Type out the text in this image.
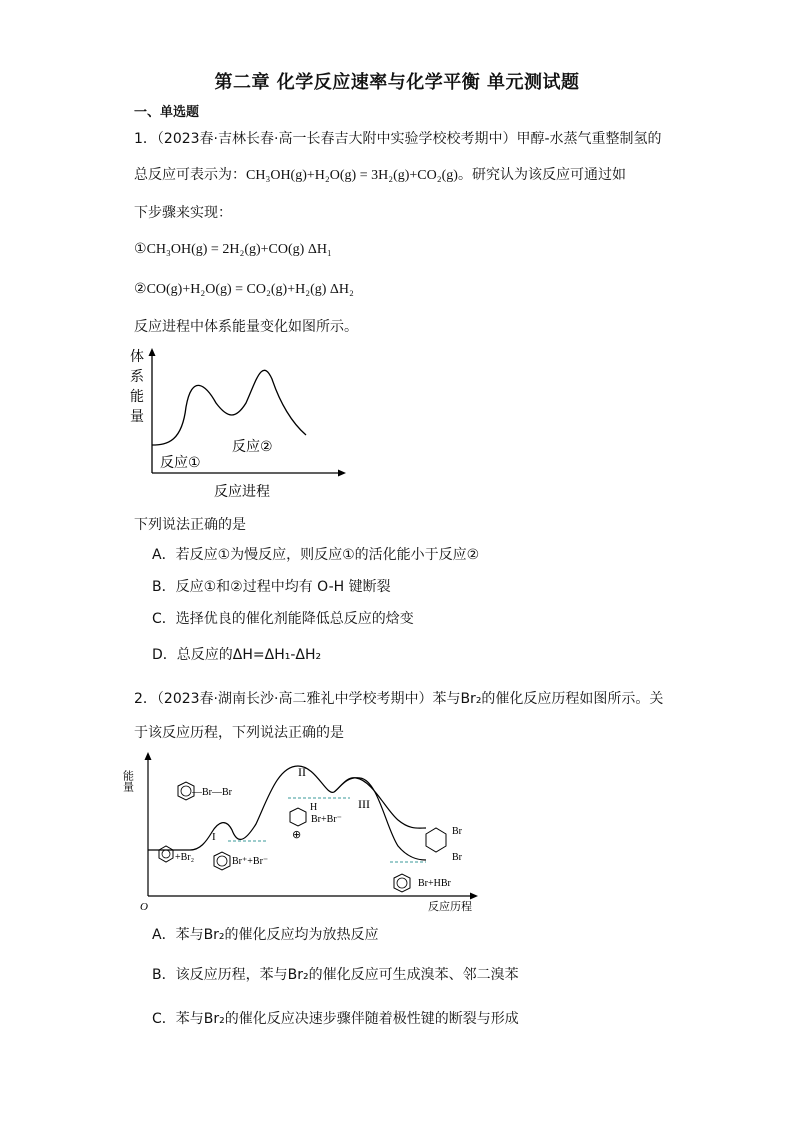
第二章 化学反应速率与化学平衡 单元测试题
一、单选题
1．（2023春·吉林长春·高一长春吉大附中实验学校校考期中）甲醇-水蒸气重整制氢的
总反应可表示为：CH₃OH(g)+H₂O(g) = 3H₂(g)+CO₂(g)。研究认为该反应可通过如
下步骤来实现：
①CH₃OH(g) = 2H₂(g)+CO(g) ΔH₁
②CO(g)+H₂O(g) = CO₂(g)+H₂(g) ΔH₂
反应进程中体系能量变化如图所示。
体
系
能
量
反应①
反应②
反应进程
下列说法正确的是
A．若反应①为慢反应，则反应①的活化能小于反应②
B．反应①和②过程中均有 O-H 键断裂
C．选择优良的催化剂能降低总反应的焓变
D．总反应的ΔH=ΔH₁-ΔH₂
2．（2023春·湖南长沙·高二雅礼中学校考期中）苯与Br₂的催化反应历程如图所示。关
于该反应历程，下列说法正确的是
+Br₂
—Br—Br
Br⁺+Br⁻
H
Br+Br⁻
⊕	Br
Br
Br+HBr
I
II
III
能量
O	反应历程
A．苯与Br₂的催化反应均为放热反应
B．该反应历程，苯与Br₂的催化反应可生成溴苯、邻二溴苯
C．苯与Br₂的催化反应决速步骤伴随着极性键的断裂与形成
